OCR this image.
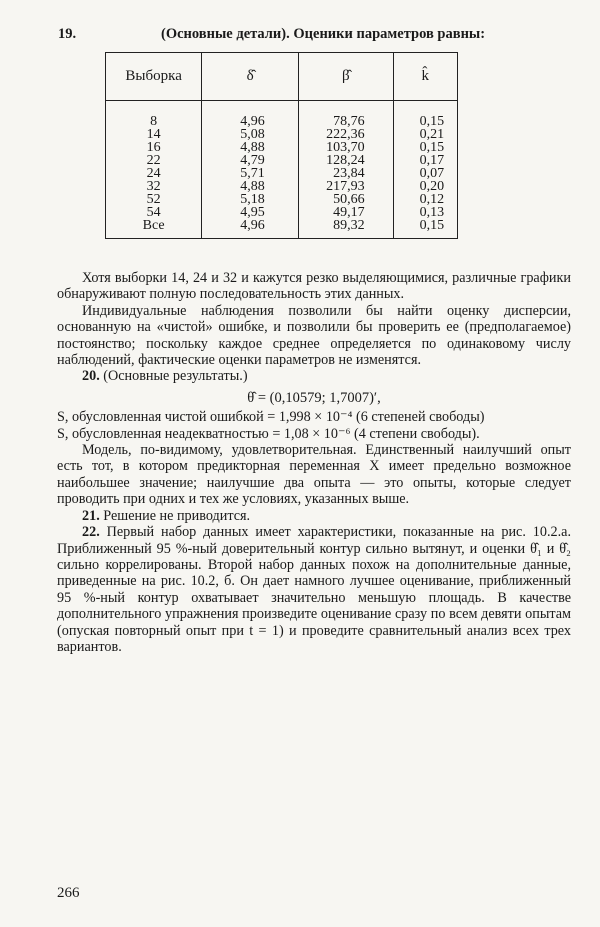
19.	(Основные детали). Оценики параметров равны:
Выборка	δ̂	β̂	k̂

8	4,96	78,76	0,15
14	5,08	222,36	0,21
16	4,88	103,70	0,15
22	4,79	128,24	0,17
24	5,71	23,84	0,07
32	4,88	217,93	0,20
52	5,18	50,66	0,12
54	4,95	49,17	0,13
Все	4,96	89,32	0,15

Хотя выборки 14, 24 и 32 и кажутся резко выделяющимися, различные графики обнаруживают полную последовательность этих данных.

Индивидуальные наблюдения позволили бы найти оценку дисперсии, основанную на «чистой» ошибке, и позволили бы проверить ее (предполагаемое) постоянство; поскольку каждое среднее определяется по одинаковому числу наблюдений, фактические оценки параметров не изменятся.

20. (Основные результаты.)

θ̂ = (0,10579; 1,7007)′,

S, обусловленная чистой ошибкой = 1,998 × 10⁻⁴ (6 степеней свободы)

S, обусловленная неадекватностью = 1,08 × 10⁻⁶ (4 степени свободы).

Модель, по-видимому, удовлетворительная. Единственный наилучший опыт есть тот, в котором предикторная переменная X имеет предельно возможное наибольшее значение; наилучшие два опыта — это опыты, которые следует проводить при одних и тех же условиях, указанных выше.

21. Решение не приводится.

22. Первый набор данных имеет характеристики, показанные на рис. 10.2.а. Приближенный 95 %-ный доверительный контур сильно вытянут, и оценки θ̂₁ и θ̂₂ сильно коррелированы. Второй набор данных похож на дополнительные данные, приведенные на рис. 10.2, б. Он дает намного лучшее оценивание, приближенный 95 %-ный контур охватывает значительно меньшую площадь. В качестве дополнительного упражнения произведите оценивание сразу по всем девяти опытам (опуская повторный опыт при t = 1) и проведите сравнительный анализ всех трех вариантов.

266
